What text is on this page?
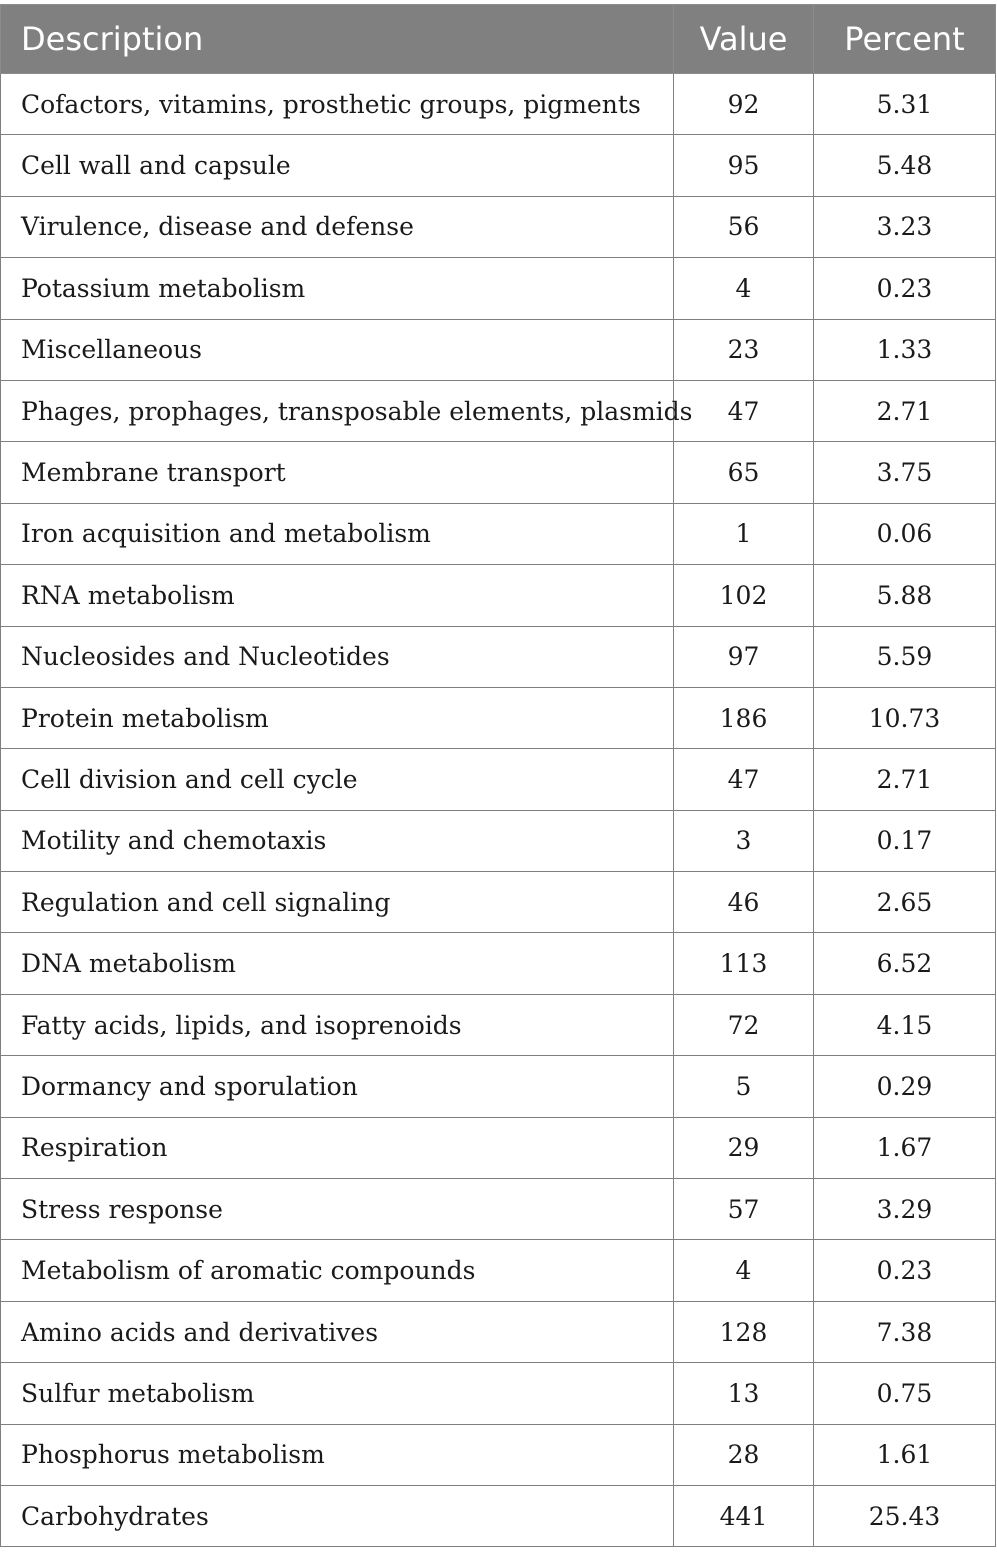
Description	Value	Percent
Cofactors, vitamins, prosthetic groups, pigments	92	5.31
Cell wall and capsule	95	5.48
Virulence, disease and defense	56	3.23
Potassium metabolism	4	0.23
Miscellaneous	23	1.33
Phages, prophages, transposable elements, plasmids	47	2.71
Membrane transport	65	3.75
Iron acquisition and metabolism	1	0.06
RNA metabolism	102	5.88
Nucleosides and Nucleotides	97	5.59
Protein metabolism	186	10.73
Cell division and cell cycle	47	2.71
Motility and chemotaxis	3	0.17
Regulation and cell signaling	46	2.65
DNA metabolism	113	6.52
Fatty acids, lipids, and isoprenoids	72	4.15
Dormancy and sporulation	5	0.29
Respiration	29	1.67
Stress response	57	3.29
Metabolism of aromatic compounds	4	0.23
Amino acids and derivatives	128	7.38
Sulfur metabolism	13	0.75
Phosphorus metabolism	28	1.61
Carbohydrates	441	25.43
